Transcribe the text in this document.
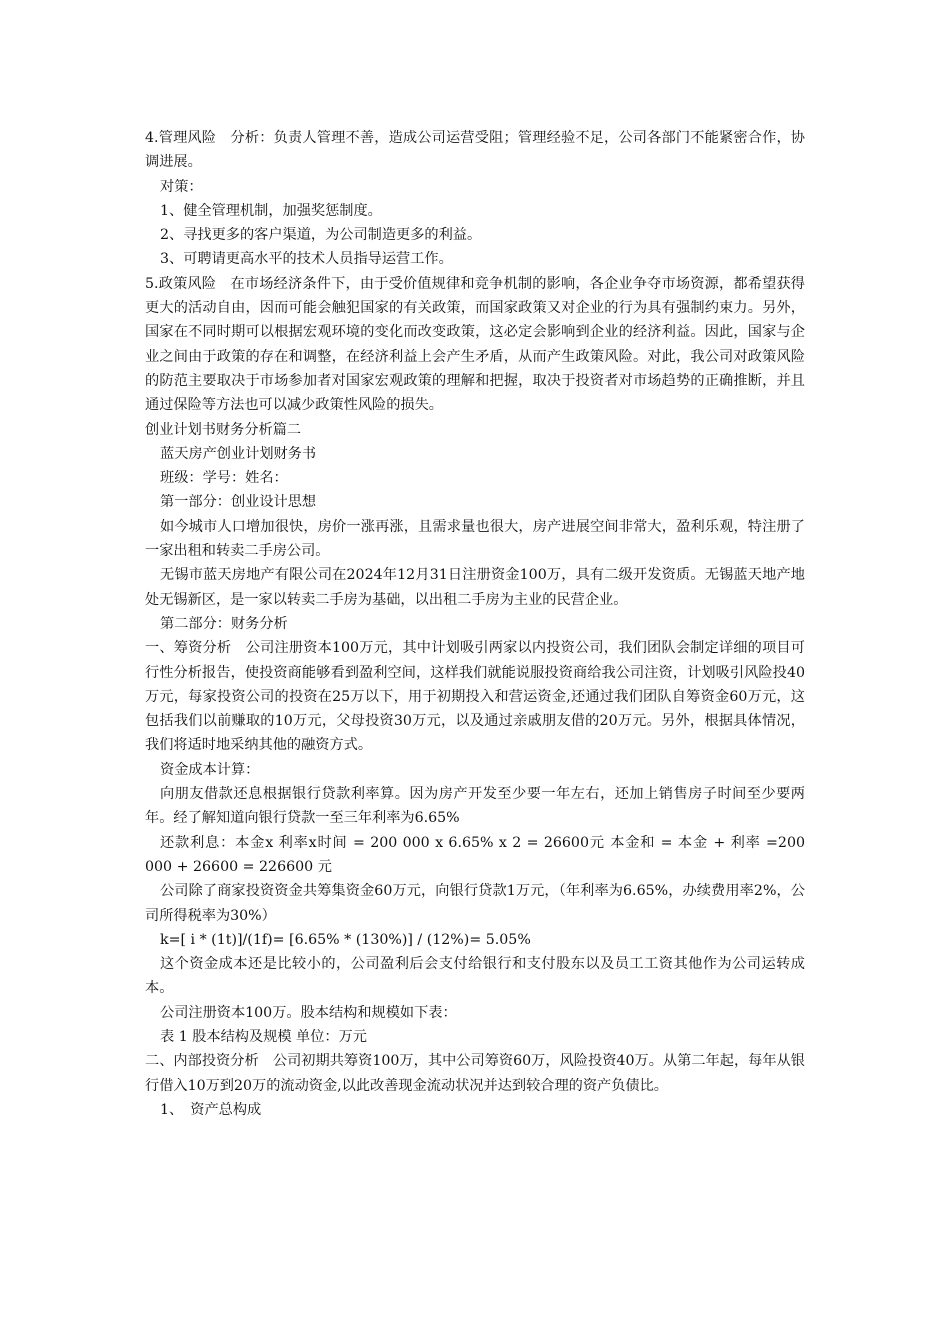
4.管理风险　分析：负责人管理不善，造成公司运营受阻；管理经验不足，公司各部门不能紧密合作，协调进展。

对策：

1、健全管理机制，加强奖惩制度。

2、寻找更多的客户渠道，为公司制造更多的利益。

3、可聘请更高水平的技术人员指导运营工作。

5.政策风险　在市场经济条件下，由于受价值规律和竞争机制的影响，各企业争夺市场资源，都希望获得更大的活动自由，因而可能会触犯国家的有关政策，而国家政策又对企业的行为具有强制约束力。另外，国家在不同时期可以根据宏观环境的变化而改变政策，这必定会影响到企业的经济利益。因此，国家与企业之间由于政策的存在和调整，在经济利益上会产生矛盾，从而产生政策风险。对此，我公司对政策风险的防范主要取决于市场参加者对国家宏观政策的理解和把握，取决于投资者对市场趋势的正确推断，并且通过保险等方法也可以减少政策性风险的损失。

创业计划书财务分析篇二

蓝天房产创业计划财务书

班级：学号：姓名：

第一部分：创业设计思想

如今城市人口增加很快，房价一涨再涨，且需求量也很大，房产进展空间非常大，盈利乐观，特注册了一家出租和转卖二手房公司。

无锡市蓝天房地产有限公司在2024年12月31日注册资金100万，具有二级开发资质。无锡蓝天地产地处无锡新区，是一家以转卖二手房为基础，以出租二手房为主业的民营企业。

第二部分：财务分析

一、筹资分析　公司注册资本100万元，其中计划吸引两家以内投资公司，我们团队会制定详细的项目可行性分析报告，使投资商能够看到盈利空间，这样我们就能说服投资商给我公司注资，计划吸引风险投40万元，每家投资公司的投资在25万以下，用于初期投入和营运资金,还通过我们团队自筹资金60万元，这包括我们以前赚取的10万元，父母投资30万元，以及通过亲戚朋友借的20万元。另外，根据具体情况，我们将适时地采纳其他的融资方式。

资金成本计算：

向朋友借款还息根据银行贷款利率算。因为房产开发至少要一年左右，还加上销售房子时间至少要两年。经了解知道向银行贷款一至三年利率为6.65%

还款利息：本金x 利率x时间 = 200 000 x 6.65% x 2 = 26600元 本金和 = 本金 + 利率 =200 000 + 26600 = 226600 元

公司除了商家投资资金共筹集资金60万元，向银行贷款1万元，（年利率为6.65%，办续费用率2%，公司所得税率为30%）

k=[ i * (1t)]/(1f)= [6.65% * (130%)] / (12%)= 5.05%

这个资金成本还是比较小的，公司盈利后会支付给银行和支付股东以及员工工资其他作为公司运转成本。

公司注册资本100万。股本结构和规模如下表：

表 1 股本结构及规模 单位：万元

二、内部投资分析　公司初期共筹资100万，其中公司筹资60万，风险投资40万。从第二年起，每年从银行借入10万到20万的流动资金,以此改善现金流动状况并达到较合理的资产负债比。

1、　资产总构成
